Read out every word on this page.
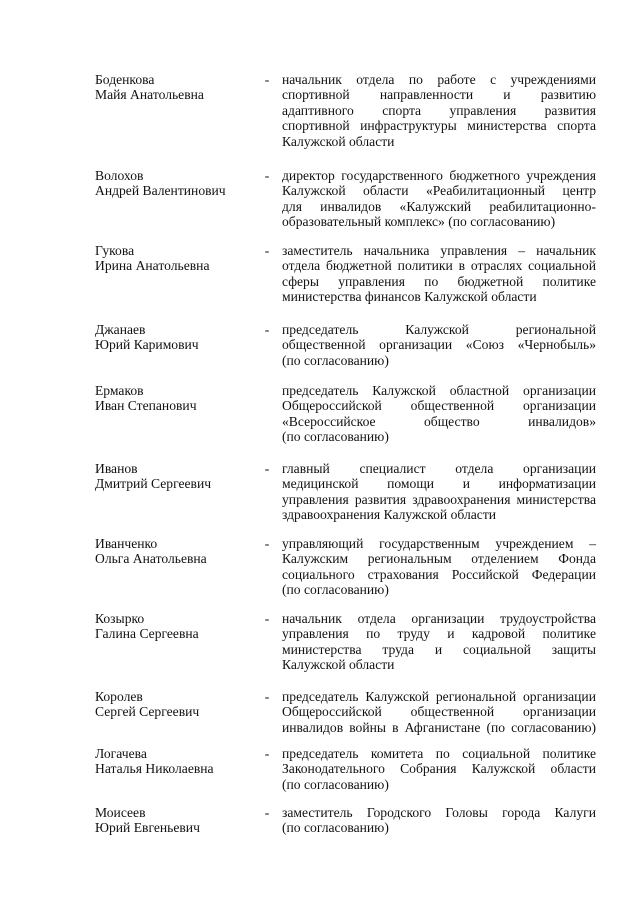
Боденкова
Майя Анатольевна
- начальник отдела по работе с учреждениями
спортивной направленности и развитию
адаптивного спорта управления развития
спортивной инфраструктуры министерства спорта
Калужской области
Волохов
Андрей Валентинович
- директор государственного бюджетного учреждения
Калужской области «Реабилитационный центр
для инвалидов «Калужский реабилитационно-
образовательный комплекс» (по согласованию)
Гукова
Ирина Анатольевна
- заместитель начальника управления – начальник
отдела бюджетной политики в отраслях социальной
сферы управления по бюджетной политике
министерства финансов Калужской области
Джанаев
Юрий Каримович
- председатель Калужской региональной
общественной организации «Союз «Чернобыль»
(по согласованию)
Ермаков
Иван Степанович
председатель Калужской областной организации
Общероссийской общественной организации
«Всероссийское общество инвалидов»
(по согласованию)
Иванов
Дмитрий Сергеевич
- главный специалист отдела организации
медицинской помощи и информатизации
управления развития здравоохранения министерства
здравоохранения Калужской области
Иванченко
Ольга Анатольевна
- управляющий государственным учреждением –
Калужским региональным отделением Фонда
социального страхования Российской Федерации
(по согласованию)
Козырко
Галина Сергеевна
- начальник отдела организации трудоустройства
управления по труду и кадровой политике
министерства труда и социальной защиты
Калужской области
Королев
Сергей Сергеевич
- председатель Калужской региональной организации
Общероссийской общественной организации
инвалидов войны в Афганистане (по согласованию)
Логачева
Наталья Николаевна
- председатель комитета по социальной политике
Законодательного Собрания Калужской области
(по согласованию)
Моисеев
Юрий Евгеньевич
- заместитель Городского Головы города Калуги
(по согласованию)
